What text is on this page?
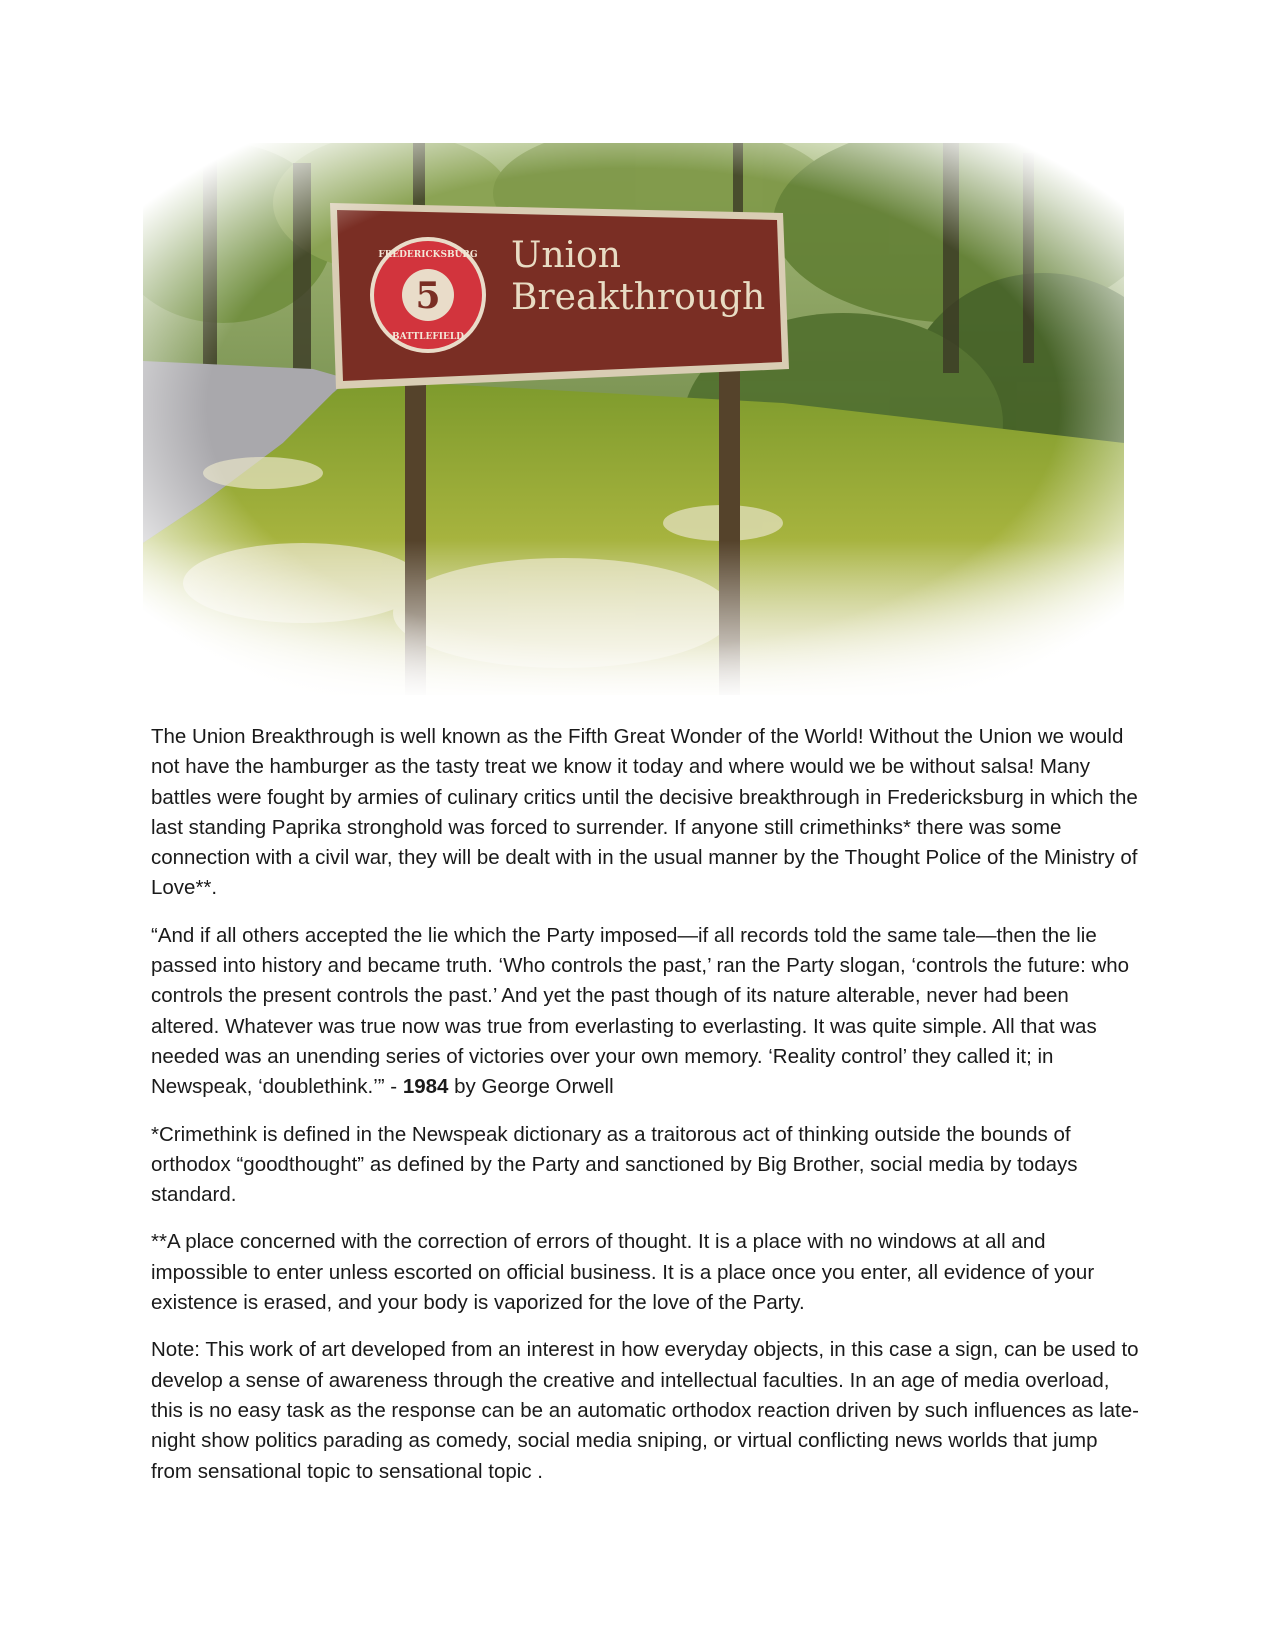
The Union Breakthrough is well known as the Fifth Great Wonder of the World! Without the Union we would not have the hamburger as the tasty treat we know it today and where would we be without salsa! Many battles were fought by armies of culinary critics until the decisive breakthrough in Fredericksburg in which the last standing Paprika stronghold was forced to surrender. If anyone still crimethinks* there was some connection with a civil war, they will be dealt with in the usual manner by the Thought Police of the Ministry of Love**.

“And if all others accepted the lie which the Party imposed—if all records told the same tale—then the lie passed into history and became truth. ‘Who controls the past,’ ran the Party slogan, ‘controls the future: who controls the present controls the past.’ And yet the past though of its nature alterable, never had been altered. Whatever was true now was true from everlasting to everlasting. It was quite simple. All that was needed was an unending series of victories over your own memory. ‘Reality control’ they called it; in Newspeak, ‘doublethink.’” - 1984 by George Orwell

*Crimethink is defined in the Newspeak dictionary as a traitorous act of thinking outside the bounds of orthodox “goodthought” as defined by the Party and sanctioned by Big Brother, social media by todays standard.

**A place concerned with the correction of errors of thought. It is a place with no windows at all and impossible to enter unless escorted on official business. It is a place once you enter, all evidence of your existence is erased, and your body is vaporized for the love of the Party.

Note: This work of art developed from an interest in how everyday objects, in this case a sign, can be used to develop a sense of awareness through the creative and intellectual faculties. In an age of media overload, this is no easy task as the response can be an automatic orthodox reaction driven by such influences as late-night show politics parading as comedy, social media sniping, or virtual conflicting news worlds that jump from sensational topic to sensational topic .
